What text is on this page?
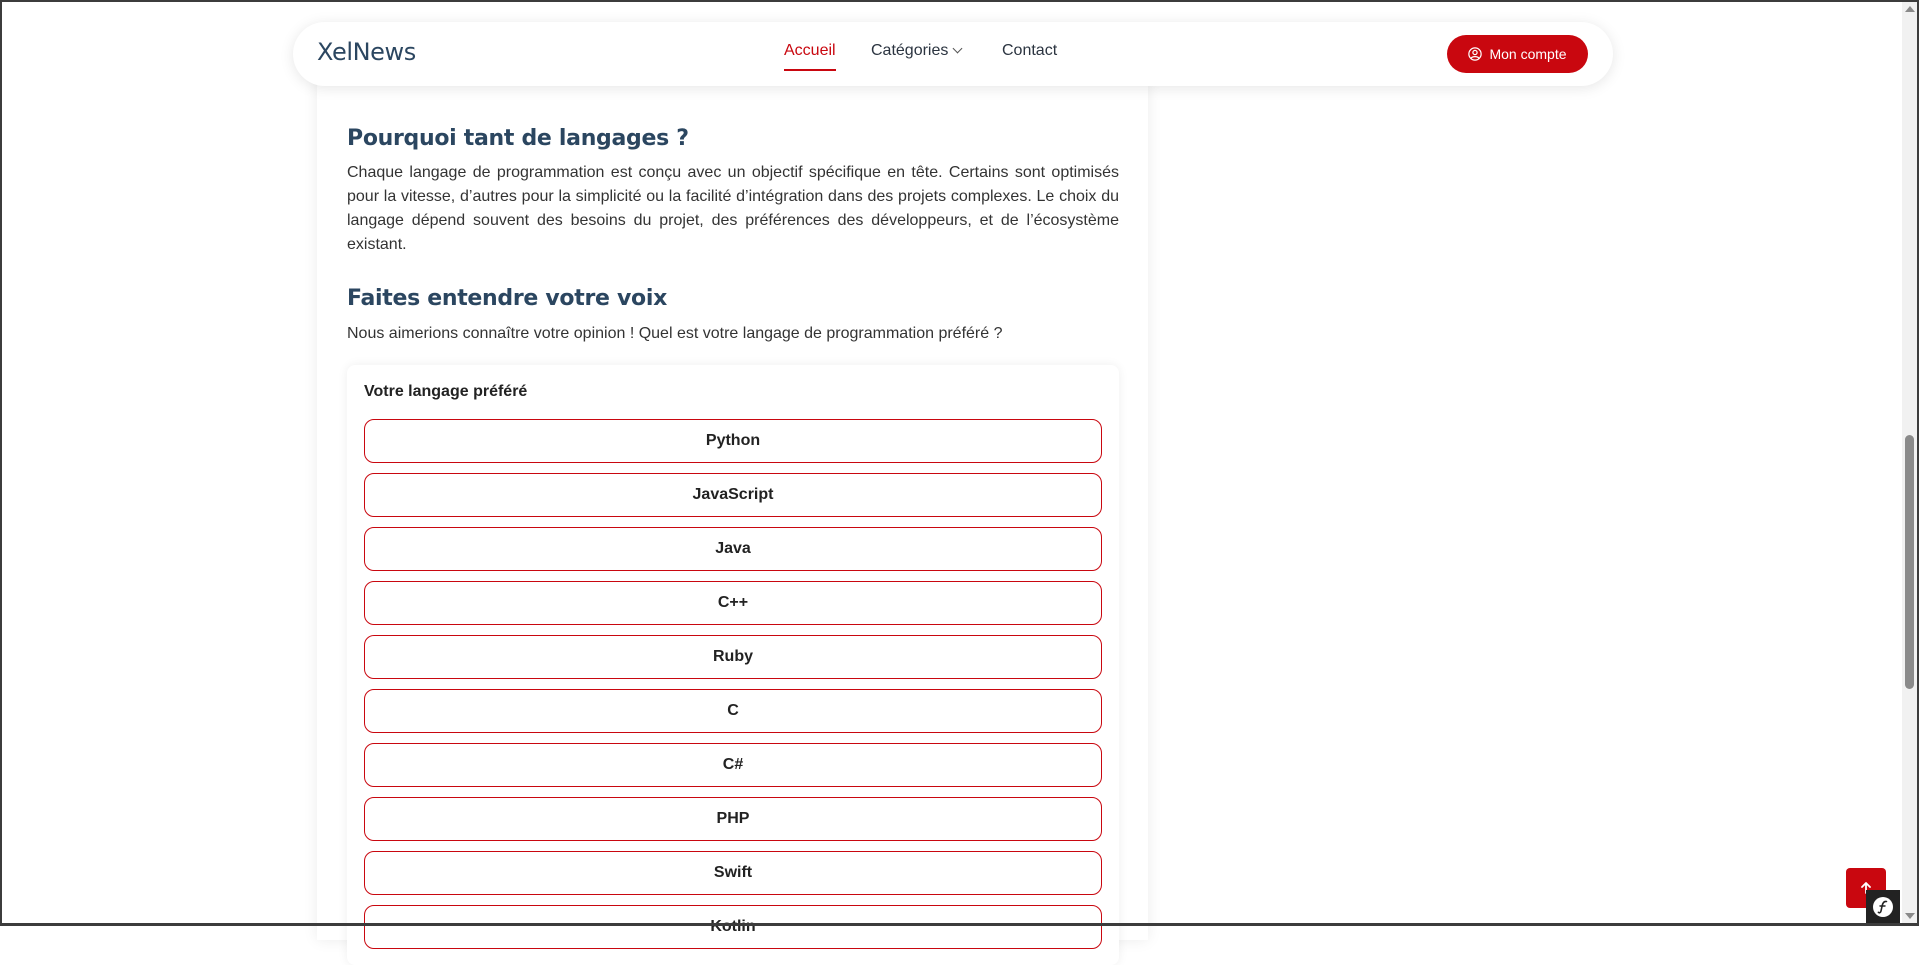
Pourquoi tant de langages ?

Chaque langage de programmation est conçu avec un objectif spécifique en tête. Certains sont optimisés pour la vitesse, d’autres pour la simplicité ou la facilité d’intégration dans des projets complexes. Le choix du langage dépend souvent des besoins du projet, des préférences des développeurs, et de l’écosystème existant.

Faites entendre votre voix

Nous aimerions connaître votre opinion ! Quel est votre langage de programmation préféré ?

Votre langage préféré
Python
JavaScript
Java
C++
Ruby
C
C#
PHP
Swift
Kotlin
XelNews	Accueil Catégories	Contact	Mon compte
